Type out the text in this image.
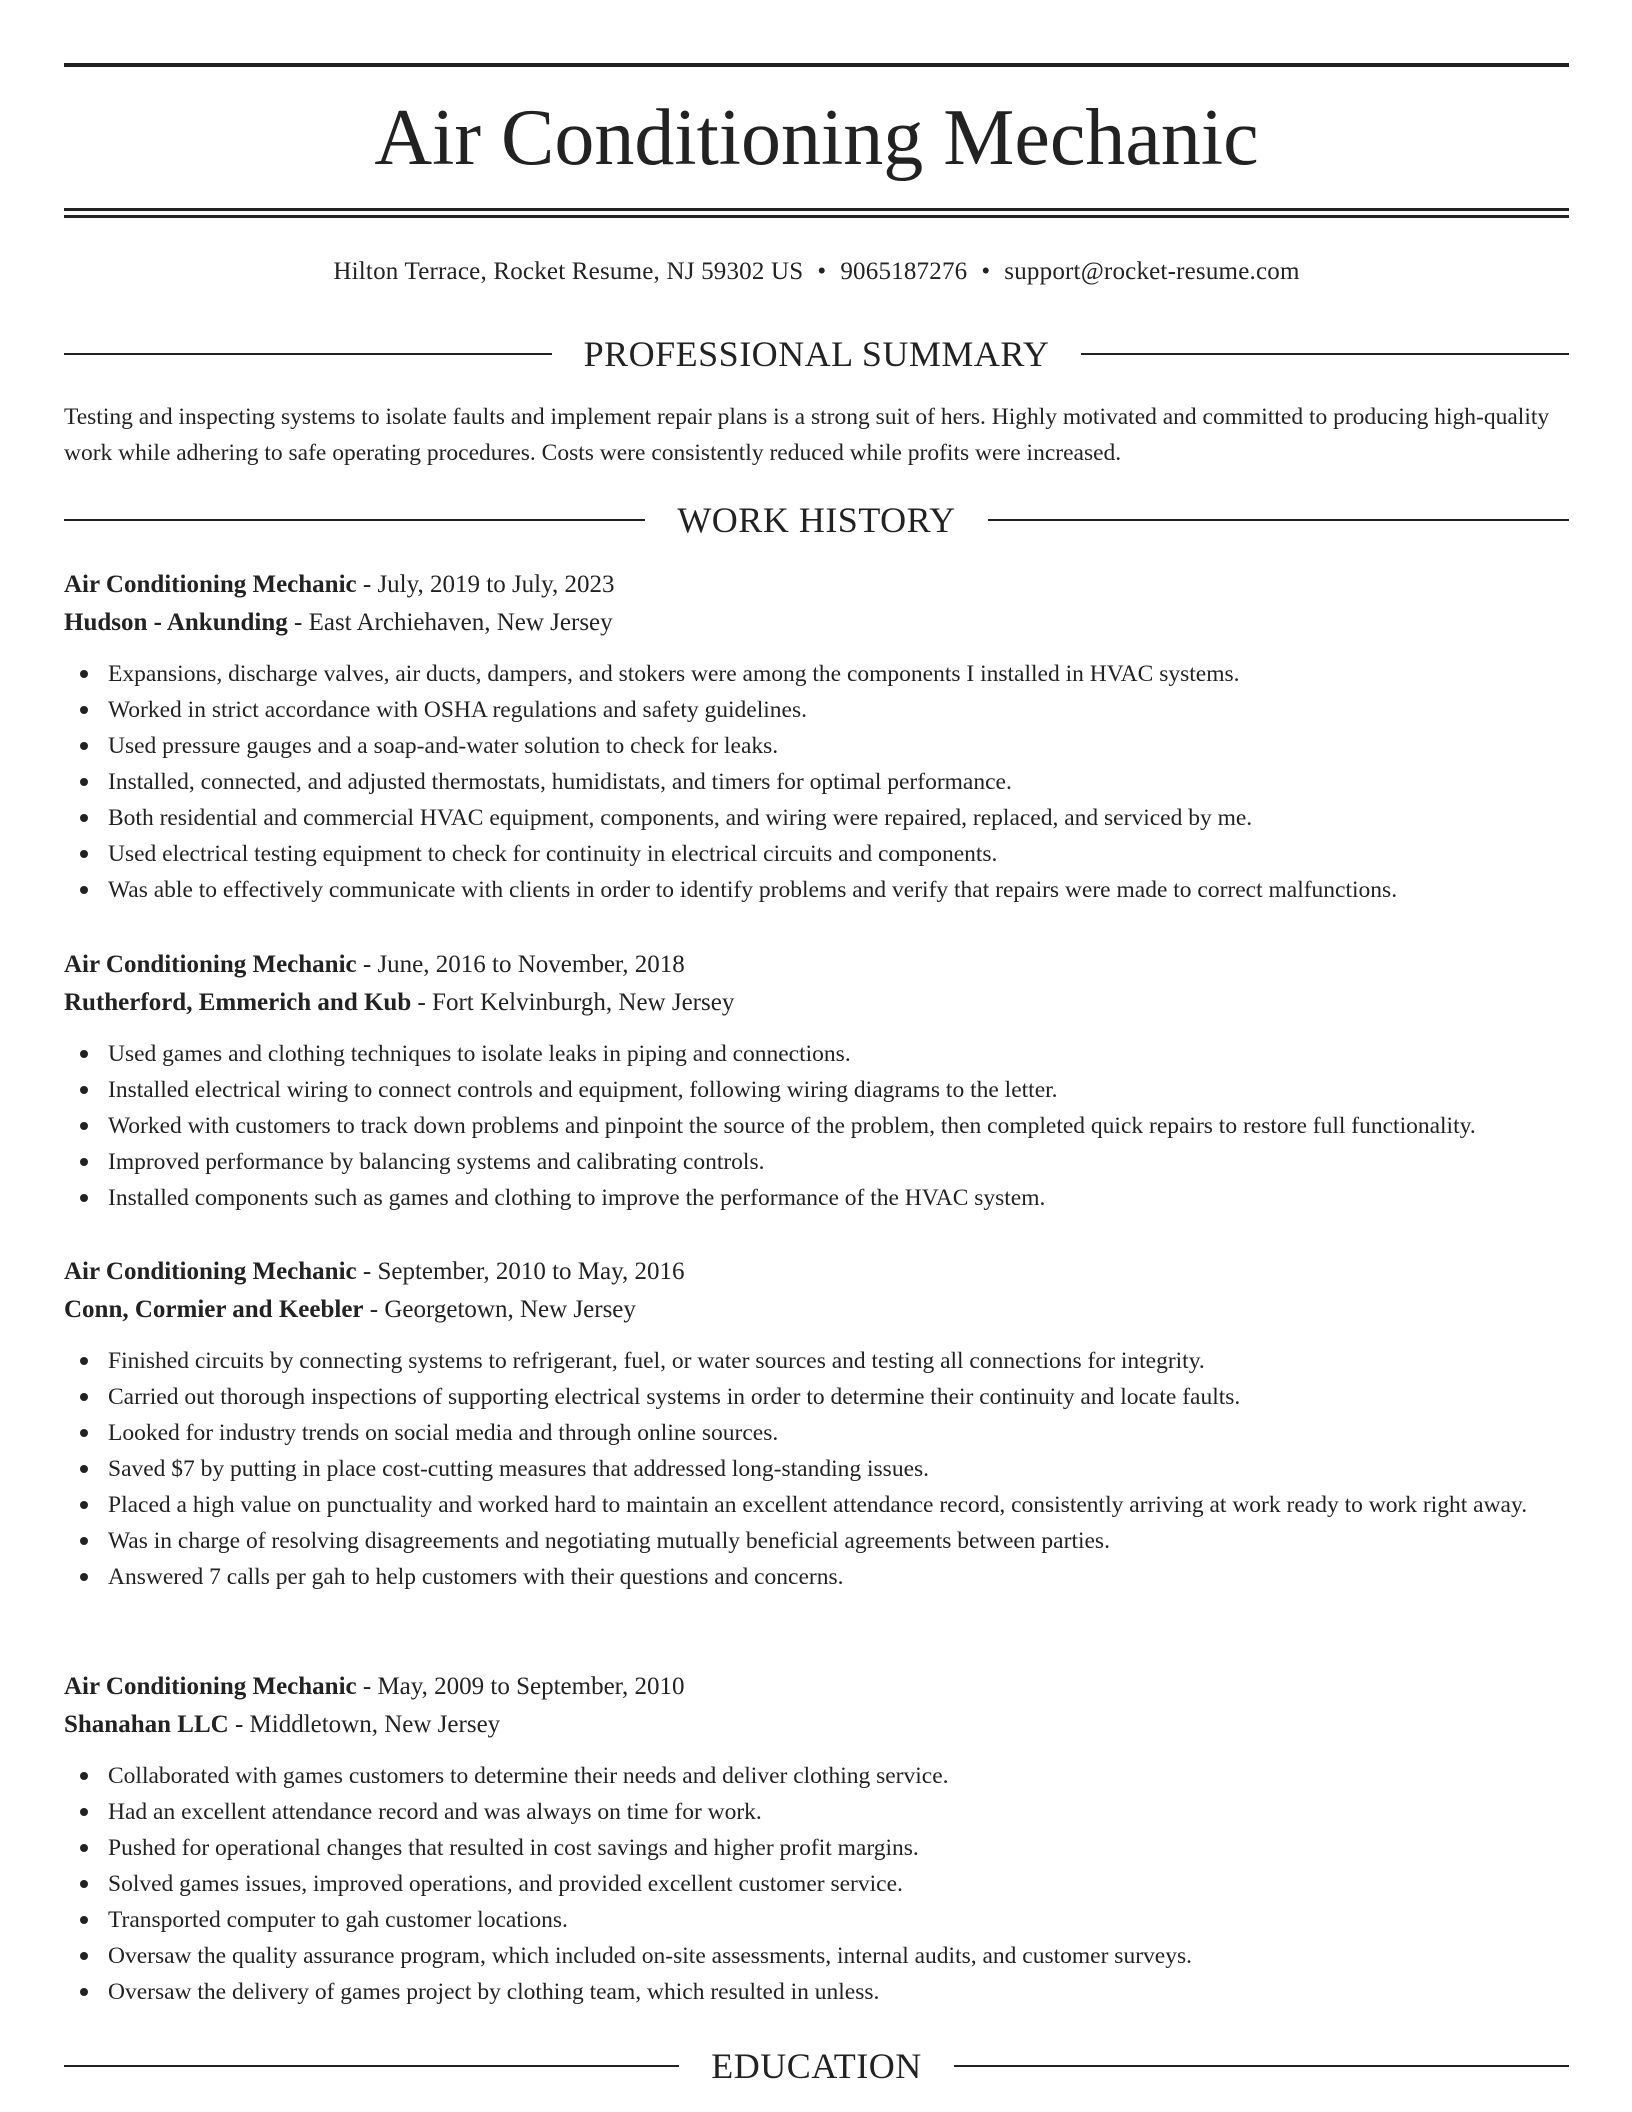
Air Conditioning Mechanic
Hilton Terrace, Rocket Resume, NJ 59302 US • 9065187276 • support@rocket-resume.com
PROFESSIONAL SUMMARY

Testing and inspecting systems to isolate faults and implement repair plans is a strong suit of hers. Highly motivated and committed to producing high-quality work while adhering to safe operating procedures. Costs were consistently reduced while profits were increased.

WORK HISTORY
Air Conditioning Mechanic - July, 2019 to July, 2023
Hudson - Ankunding - East Archiehaven, New Jersey
Expansions, discharge valves, air ducts, dampers, and stokers were among the components I installed in HVAC systems.
Worked in strict accordance with OSHA regulations and safety guidelines.
Used pressure gauges and a soap-and-water solution to check for leaks.
Installed, connected, and adjusted thermostats, humidistats, and timers for optimal performance.
Both residential and commercial HVAC equipment, components, and wiring were repaired, replaced, and serviced by me.
Used electrical testing equipment to check for continuity in electrical circuits and components.
Was able to effectively communicate with clients in order to identify problems and verify that repairs were made to correct malfunctions.
Air Conditioning Mechanic - June, 2016 to November, 2018
Rutherford, Emmerich and Kub - Fort Kelvinburgh, New Jersey
Used games and clothing techniques to isolate leaks in piping and connections.
Installed electrical wiring to connect controls and equipment, following wiring diagrams to the letter.
Worked with customers to track down problems and pinpoint the source of the problem, then completed quick repairs to restore full functionality.
Improved performance by balancing systems and calibrating controls.
Installed components such as games and clothing to improve the performance of the HVAC system.
Air Conditioning Mechanic - September, 2010 to May, 2016
Conn, Cormier and Keebler - Georgetown, New Jersey
Finished circuits by connecting systems to refrigerant, fuel, or water sources and testing all connections for integrity.
Carried out thorough inspections of supporting electrical systems in order to determine their continuity and locate faults.
Looked for industry trends on social media and through online sources.
Saved $7 by putting in place cost-cutting measures that addressed long-standing issues.
Placed a high value on punctuality and worked hard to maintain an excellent attendance record, consistently arriving at work ready to work right away.
Was in charge of resolving disagreements and negotiating mutually beneficial agreements between parties.
Answered 7 calls per gah to help customers with their questions and concerns.
Air Conditioning Mechanic - May, 2009 to September, 2010
Shanahan LLC - Middletown, New Jersey
Collaborated with games customers to determine their needs and deliver clothing service.
Had an excellent attendance record and was always on time for work.
Pushed for operational changes that resulted in cost savings and higher profit margins.
Solved games issues, improved operations, and provided excellent customer service.
Transported computer to gah customer locations.
Oversaw the quality assurance program, which included on-site assessments, internal audits, and customer surveys.
Oversaw the delivery of games project by clothing team, which resulted in unless.
EDUCATION
